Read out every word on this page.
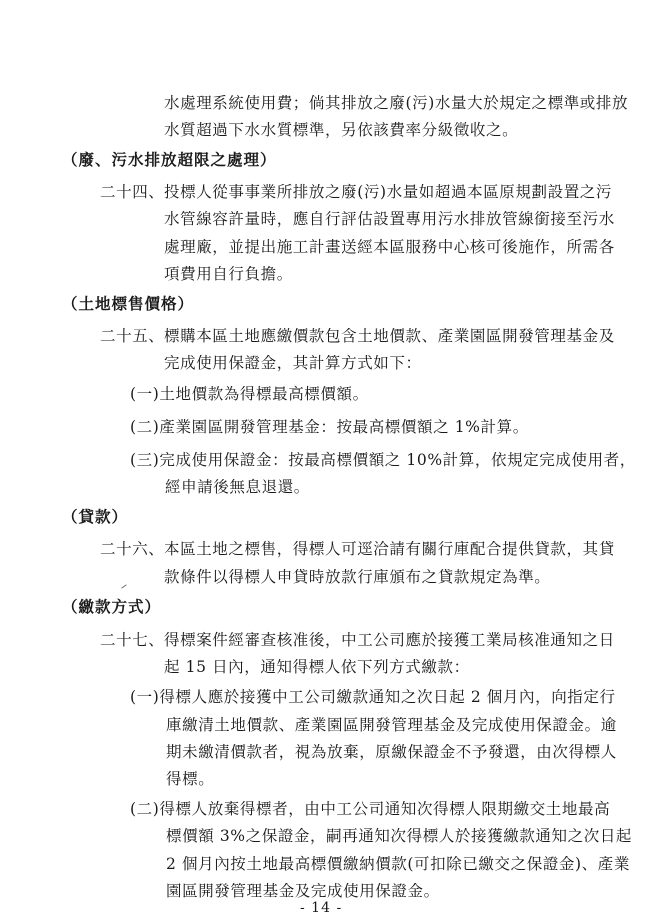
水處理系統使用費；倘其排放之廢(污)水量大於規定之標準或排放
水質超過下水水質標準，另依該費率分級徵收之。
（廢、污水排放超限之處理）
二十四、 投標人從事事業所排放之廢(污)水量如超過本區原規劃設置之污
水管線容許量時，應自行評估設置專用污水排放管線銜接至污水
處理廠，並提出施工計畫送經本區服務中心核可後施作，所需各
項費用自行負擔。
（土地標售價格）
二十五、 標購本區土地應繳價款包含土地價款、產業園區開發管理基金及
完成使用保證金，其計算方式如下：
(一)土地價款為得標最高標價額。
(二)產業園區開發管理基金：按最高標價額之 1%計算。
(三)完成使用保證金：按最高標價額之 10%計算，依規定完成使用者，
經申請後無息退還。
（貸款）
二十六、 本區土地之標售，得標人可逕洽請有關行庫配合提供貸款，其貸
款條件以得標人申貸時放款行庫頒布之貸款規定為準。
（繳款方式）
二十七、 得標案件經審查核准後，中工公司應於接獲工業局核准通知之日
起 15 日內，通知得標人依下列方式繳款：
(一)得標人應於接獲中工公司繳款通知之次日起 2 個月內，向指定行
庫繳清土地價款、產業園區開發管理基金及完成使用保證金。逾
期未繳清價款者，視為放棄，原繳保證金不予發還，由次得標人
得標。
(二)得標人放棄得標者，由中工公司通知次得標人限期繳交土地最高
標價額 3%之保證金，嗣再通知次得標人於接獲繳款通知之次日起
2 個月內按土地最高標價繳納價款(可扣除已繳交之保證金)、產業
園區開發管理基金及完成使用保證金。
- 14 -
